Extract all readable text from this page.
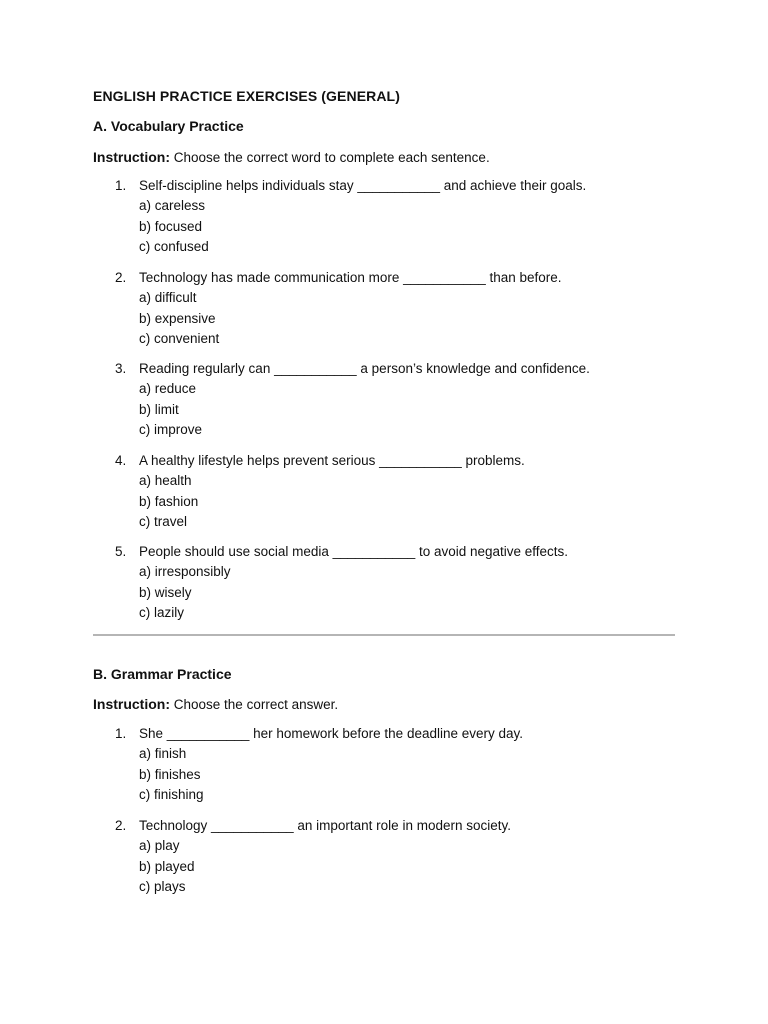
ENGLISH PRACTICE EXERCISES (GENERAL)

A. Vocabulary Practice

Instruction: Choose the correct word to complete each sentence.

1. Self-discipline helps individuals stay ___________ and achieve their goals.
a) careless
b) focused
c) confused
2. Technology has made communication more ___________ than before.
a) difficult
b) expensive
c) convenient
3. Reading regularly can ___________ a person’s knowledge and confidence.
a) reduce
b) limit
c) improve
4. A healthy lifestyle helps prevent serious ___________ problems.
a) health
b) fashion
c) travel
5. People should use social media ___________ to avoid negative effects.
a) irresponsibly
b) wisely
c) lazily

B. Grammar Practice

Instruction: Choose the correct answer.

1. She ___________ her homework before the deadline every day.
a) finish
b) finishes
c) finishing
2. Technology ___________ an important role in modern society.
a) play
b) played
c) plays
